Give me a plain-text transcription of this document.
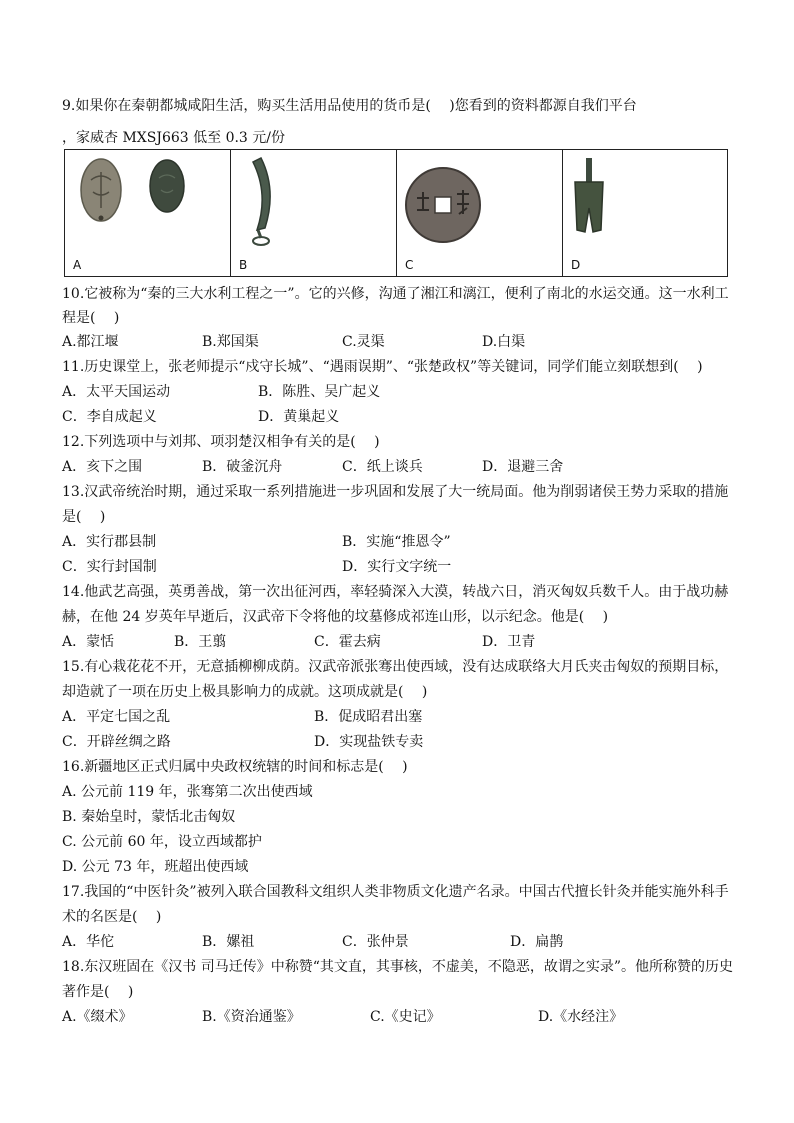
9.如果你在秦朝都城咸阳生活，购买生活用品使用的货币是(　 )您看到的资料都源自我们平台
，家威杏 MXSJ663 低至 0.3 元/份
A	B	C	D
10.它被称为“秦的三大水利工程之一”。它的兴修，沟通了湘江和漓江，便利了南北的水运交通。这一水利工
程是(　 )
A.都江堰	B.郑国渠	C.灵渠	D.白渠
11.历史课堂上，张老师提示“戍守长城”、“遇雨误期”、“张楚政权”等关键词，同学们能立刻联想到(　 )
A．太平天国运动	B．陈胜、吴广起义
C．李自成起义	D．黄巢起义
12.下列选项中与刘邦、项羽楚汉相争有关的是(　 )
A．亥下之围	B．破釜沉舟	C．纸上谈兵	D．退避三舍
13.汉武帝统治时期，通过采取一系列措施进一步巩固和发展了大一统局面。他为削弱诸侯王势力采取的措施
是(　 )
A．实行郡县制	B．实施“推恩令”
C．实行封国制	D．实行文字统一
14.他武艺高强，英勇善战，第一次出征河西，率轻骑深入大漠，转战六日，消灭匈奴兵数千人。由于战功赫
赫，在他 24 岁英年早逝后，汉武帝下令将他的坟墓修成祁连山形，以示纪念。他是(　 )
A．蒙恬	B．王翦	C．霍去病	D．卫青
15.有心栽花花不开，无意插柳柳成荫。汉武帝派张骞出使西域，没有达成联络大月氏夹击匈奴的预期目标，
却造就了一项在历史上极具影响力的成就。这项成就是(　 )
A．平定七国之乱	B．促成昭君出塞
C．开辟丝绸之路	D．实现盐铁专卖
16.新疆地区正式归属中央政权统辖的时间和标志是(　 )
A. 公元前 119 年，张骞第二次出使西域
B. 秦始皇时，蒙恬北击匈奴
C. 公元前 60 年，设立西域都护
D. 公元 73 年，班超出使西域
17.我国的“中医针灸”被列入联合国教科文组织人类非物质文化遗产名录。中国古代擅长针灸并能实施外科手
术的名医是(　 )
A．华佗	B．嫘祖	C．张仲景	D．扁鹊
18.东汉班固在《汉书 司马迁传》中称赞“其文直，其事核，不虚美，不隐恶，故谓之实录”。他所称赞的历史
著作是(　 )
A.《缀术》	B.《资治通鉴》	C.《史记》	D.《水经注》
